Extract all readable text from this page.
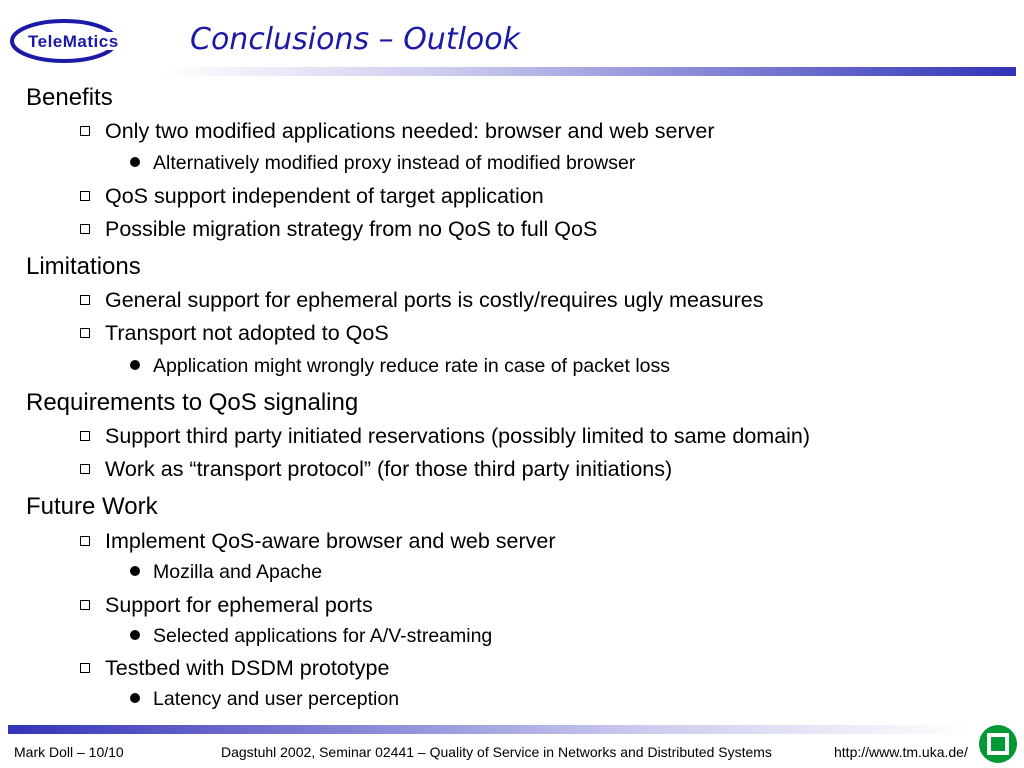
TeleMatics Conclusions – Outlook
Benefits
Only two modified applications needed: browser and web server
Alternatively modified proxy instead of modified browser
QoS support independent of target application
Possible migration strategy from no QoS to full QoS
Limitations
General support for ephemeral ports is costly/requires ugly measures
Transport not adopted to QoS
Application might wrongly reduce rate in case of packet loss
Requirements to QoS signaling
Support third party initiated reservations (possibly limited to same domain)
Work as “transport protocol” (for those third party initiations)
Future Work
Implement QoS-aware browser and web server
Mozilla and Apache
Support for ephemeral ports
Selected applications for A/V-streaming
Testbed with DSDM prototype
Latency and user perception
Mark Doll – 10/10	Dagstuhl 2002, Seminar 02441 – Quality of Service in Networks and Distributed Systems	http://www.tm.uka.de/
